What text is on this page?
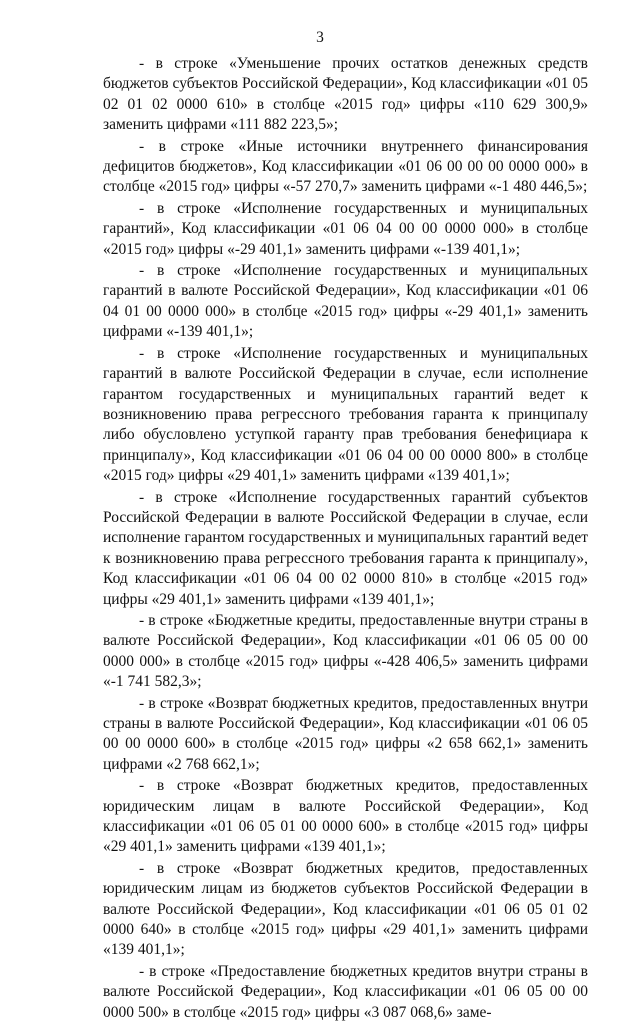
3

- в строке «Уменьшение прочих остатков денежных средств бюджетов субъектов Российской Федерации», Код классификации «01 05 02 01 02 0000 610» в столбце «2015 год» цифры «110 629 300,9» заменить цифрами «111 882 223,5»;

- в строке «Иные источники внутреннего финансирования дефицитов бюджетов», Код классификации «01 06 00 00 00 0000 000» в столбце «2015 год» цифры «-57 270,7» заменить цифрами «-1 480 446,5»;

- в строке «Исполнение государственных и муниципальных гарантий», Код классификации «01 06 04 00 00 0000 000» в столбце «2015 год» цифры «-29 401,1» заменить цифрами «-139 401,1»;

- в строке «Исполнение государственных и муниципальных гарантий в валюте Российской Федерации», Код классификации «01 06 04 01 00 0000 000» в столбце «2015 год» цифры «-29 401,1» заменить цифрами «-139 401,1»;

- в строке «Исполнение государственных и муниципальных гарантий в валюте Российской Федерации в случае, если исполнение гарантом государственных и муниципальных гарантий ведет к возникновению права регрессного требования гаранта к принципалу либо обусловлено уступкой гаранту прав требования бенефициара к принципалу», Код классификации «01 06 04 00 00 0000 800» в столбце «2015 год» цифры «29 401,1» заменить цифрами «139 401,1»;

- в строке «Исполнение государственных гарантий субъектов Российской Федерации в валюте Российской Федерации в случае, если исполнение гарантом государственных и муниципальных гарантий ведет к возникновению права регрессного требования гаранта к принципалу», Код классификации «01 06 04 00 02 0000 810» в столбце «2015 год» цифры «29 401,1» заменить цифрами «139 401,1»;

- в строке «Бюджетные кредиты, предоставленные внутри страны в валюте Российской Федерации», Код классификации «01 06 05 00 00 0000 000» в столбце «2015 год» цифры «-428 406,5» заменить цифрами «-1 741 582,3»;

- в строке «Возврат бюджетных кредитов, предоставленных внутри страны в валюте Российской Федерации», Код классификации «01 06 05 00 00 0000 600» в столбце «2015 год» цифры «2 658 662,1» заменить цифрами «2 768 662,1»;

- в строке «Возврат бюджетных кредитов, предоставленных юридическим лицам в валюте Российской Федерации», Код классификации «01 06 05 01 00 0000 600» в столбце «2015 год» цифры «29 401,1» заменить цифрами «139 401,1»;

- в строке «Возврат бюджетных кредитов, предоставленных юридическим лицам из бюджетов субъектов Российской Федерации в валюте Российской Федерации», Код классификации «01 06 05 01 02 0000 640» в столбце «2015 год» цифры «29 401,1» заменить цифрами «139 401,1»;

- в строке «Предоставление бюджетных кредитов внутри страны в валюте Российской Федерации», Код классификации «01 06 05 00 00 0000 500» в столбце «2015 год» цифры «3 087 068,6» заме-
